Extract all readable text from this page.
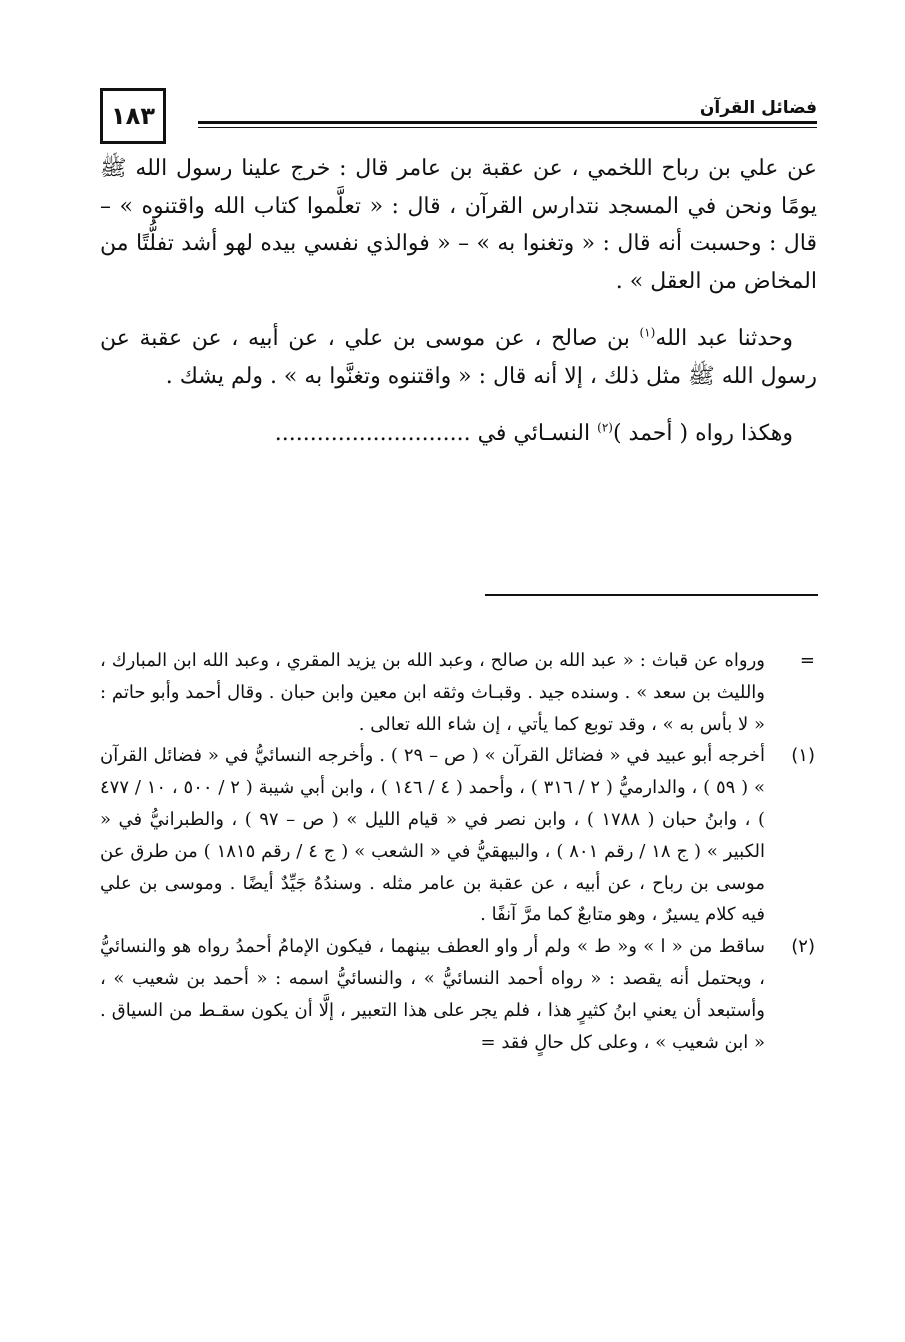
١٨٣	فضائل القرآن

عن علي بن رباح اللخمي ، عن عقبة بن عامر قال : خرج علينا رسول الله ﷺ يومًا ونحن في المسجد نتدارس القرآن ، قال : « تعلَّموا كتاب الله واقتنوه » ‍– قال : وحسبت أنه قال : « وتغنوا به » – « فوالذي نفسي بيده لهو أشد تفلُّتًا من المخاض من العقل » .

وحدثنا عبد الله$^{(١)}$ بن صالح ، عن موسى بن علي ، عن أبيه ، عن عقبة عن رسول الله ﷺ مثل ذلك ، إلا أنه قال : « واقتنوه وتغنَّوا به » . ولم يشك .

وهكذا رواه ( أحمد )$^{(٢)}$ النسـائي في ............................

=
ورواه عن قباث : « عبد الله بن صالح ، وعبد الله بن يزيد المقري ، وعبد الله ابن المبارك ، والليث بن سعد » . وسنده جيد . وقبـاث وثقه ابن معين وابن حبان . وقال أحمد وأبو حاتم : « لا بأس به » ، وقد توبع كما يأتي ، إن شاء الله تعالى .
(١)
أخرجه أبو عبيد في « فضائل القرآن » ( ص – ٢٩ ) . وأخرجه النسائيُّ في « فضائل القرآن » ( ٥٩ ) ، والدارميُّ ( ٢ / ٣١٦ ) ، وأحمد ( ٤ / ١٤٦ ) ، وابن أبي شيبة ( ٢ / ٥٠٠ ، ١٠ / ٤٧٧ ) ، وابنُ حبان ( ١٧٨٨ ) ، وابن نصر في « قيام الليل » ( ص – ٩٧ ) ، والطبرانيُّ في « الكبير » ( ج ١٨ / رقم ٨٠١ ) ، والبيهقيُّ في « الشعب » ( ج ٤ / رقم ١٨١٥ ) من طرق عن موسى بن رباح ، عن أبيه ، عن عقبة بن عامر مثله . وسندُهُ جَيِّدٌ أيضًا . وموسى بن علي فيه كلام يسيرٌ ، وهو متابعٌ كما مرَّ آنفًا .
(٢)
ساقط من « ا » و« ط » ولم أر واو العطف بينهما ، فيكون الإمامُ أحمدُ رواه هو والنسائيُّ ، ويحتمل أنه يقصد : « رواه أحمد النسائيُّ » ، والنسائيُّ اسمه : « أحمد بن شعيب » ، وأستبعد أن يعني ابنُ كثيرٍ هذا ، فلم يجر على هذا التعبير ، إلَّا أن يكون سقـط من السياق . « ابن شعيب » ، وعلى كل حالٍ فقد =
